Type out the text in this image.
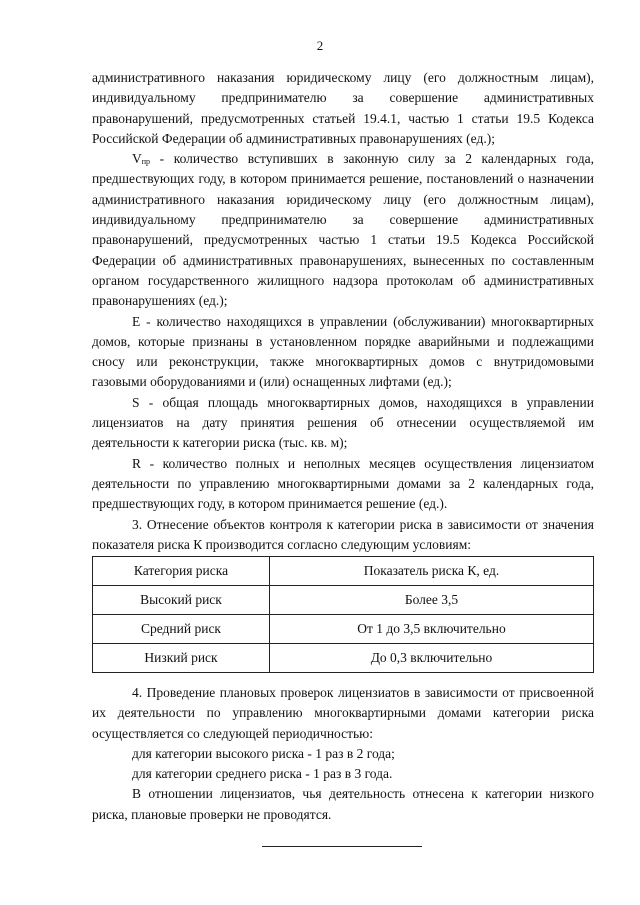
2

административного наказания юридическому лицу (его должностным лицам), индивидуальному предпринимателю за совершение административных правонарушений, предусмотренных статьей 19.4.1, частью 1 статьи 19.5 Кодекса Российской Федерации об административных правонарушениях (ед.);

$V_{пр}$ - количество вступивших в законную силу за 2 календарных года, предшествующих году, в котором принимается решение, постановлений о назначении административного наказания юридическому лицу (его должностным лицам), индивидуальному предпринимателю за совершение административных правонарушений, предусмотренных частью 1 статьи 19.5 Кодекса Российской Федерации об административных правонарушениях, вынесенных по составленным органом государственного жилищного надзора протоколам об административных правонарушениях (ед.);

Е - количество находящихся в управлении (обслуживании) многоквартирных домов, которые признаны в установленном порядке аварийными и подлежащими сносу или реконструкции, также многоквартирных домов с внутридомовыми газовыми оборудованиями и (или) оснащенных лифтами (ед.);

S - общая площадь многоквартирных домов, находящихся в управлении лицензиатов на дату принятия решения об отнесении осуществляемой им деятельности к категории риска (тыс. кв. м);

R - количество полных и неполных месяцев осуществления лицензиатом деятельности по управлению многоквартирными домами за 2 календарных года, предшествующих году, в котором принимается решение (ед.).

3. Отнесение объектов контроля к категории риска в зависимости от значения показателя риска К производится согласно следующим условиям:

Категория риска	Показатель риска К, ед.
Высокий риск	Более 3,5
Средний риск	От 1 до 3,5 включительно
Низкий риск	До 0,3 включительно

4. Проведение плановых проверок лицензиатов в зависимости от присвоенной их деятельности по управлению многоквартирными домами категории риска осуществляется со следующей периодичностью:

для категории высокого риска - 1 раз в 2 года;

для категории среднего риска - 1 раз в 3 года.

В отношении лицензиатов, чья деятельность отнесена к категории низкого риска, плановые проверки не проводятся.
